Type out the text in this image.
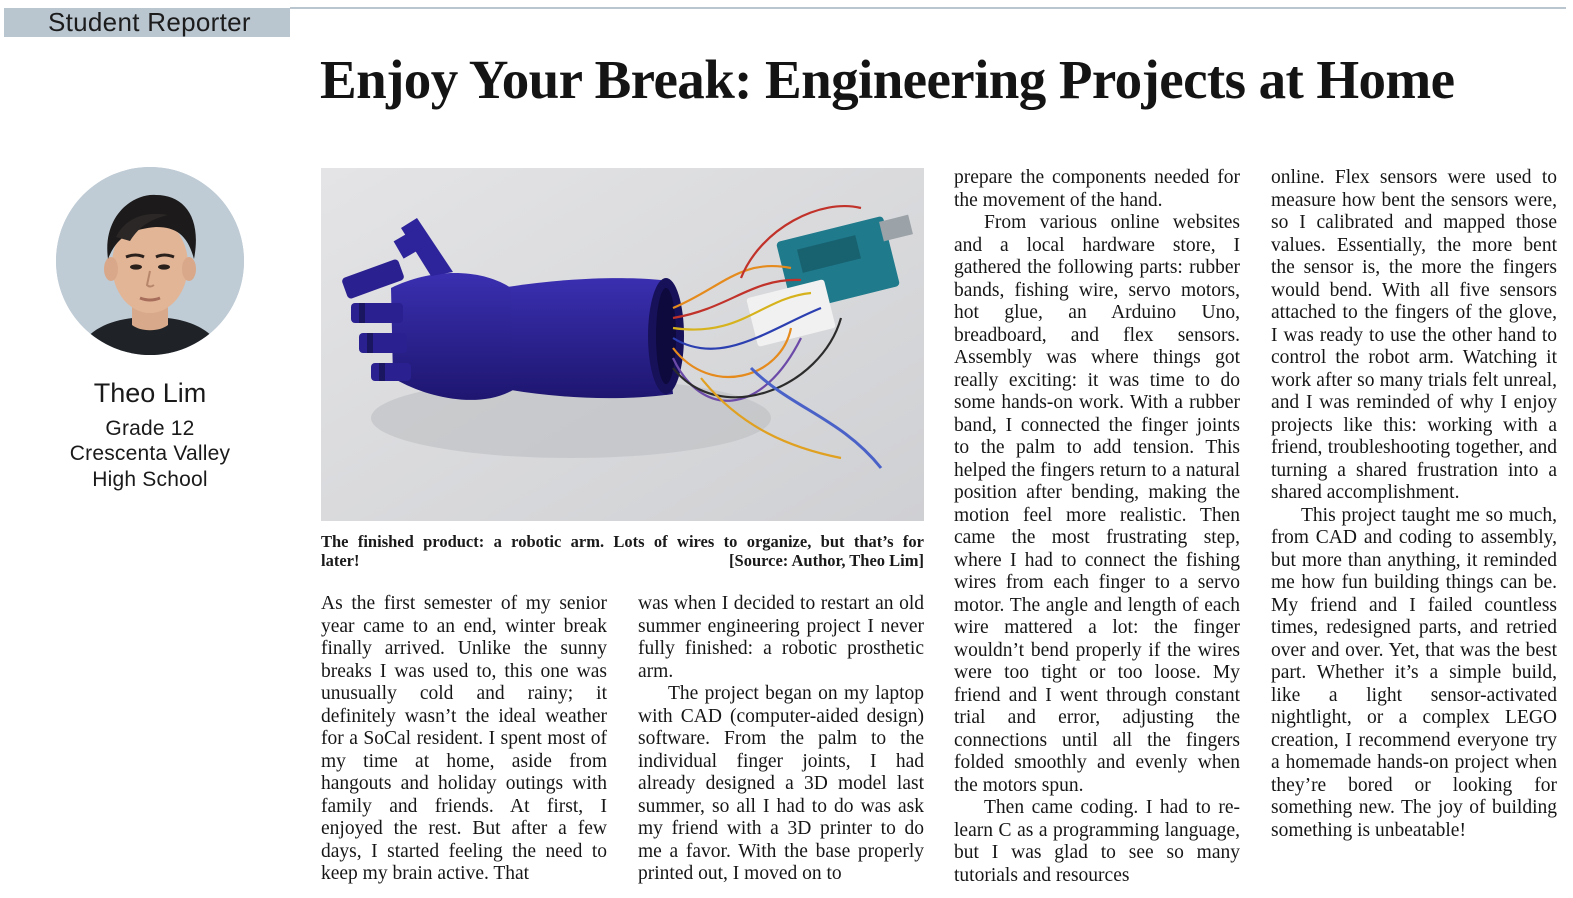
Student Reporter
Enjoy Your Break: Engineering Projects at Home
Theo Lim
Grade 12
Crescenta Valley
High School
The finished product: a robotic arm. Lots of wires to organize, but that’s for
later!	[Source: Author, Theo Lim]

As the first semester of my senior year came to an end, winter break finally arrived. Unlike the sunny breaks I was used to, this one was unusually cold and rainy; it definitely wasn’t the ideal weather for a SoCal resident. I spent most of my time at home, aside from hangouts and holiday outings with family and friends. At first, I enjoyed the rest. But after a few days, I started feeling the need to keep my brain active. That

was when I decided to restart an old summer engineering project I never fully finished: a robotic prosthetic arm.

The project began on my laptop with CAD (computer-aided design) software. From the palm to the individual finger joints, I had already designed a 3D model last summer, so all I had to do was ask my friend with a 3D printer to do me a favor. With the base properly printed out, I moved on to

prepare the components needed for the movement of the hand.

From various online websites and a local hardware store, I gathered the following parts: rubber bands, fishing wire, servo motors, hot glue, an Arduino Uno, breadboard, and flex sensors. Assembly was where things got really exciting: it was time to do some hands-on work. With a rubber band, I connected the finger joints to the palm to add tension. This helped the fingers return to a natural position after bending, making the motion feel more realistic. Then came the most frustrating step, where I had to connect the fishing wires from each finger to a servo motor. The angle and length of each wire mattered a lot: the finger wouldn’t bend properly if the wires were too tight or too loose. My friend and I went through constant trial and error, adjusting the connections until all the fingers folded smoothly and evenly when the motors spun.

Then came coding. I had to re-learn C as a programming language, but I was glad to see so many tutorials and resources

online. Flex sensors were used to measure how bent the sensors were, so I calibrated and mapped those values. Essentially, the more bent the sensor is, the more the fingers would bend. With all five sensors attached to the fingers of the glove, I was ready to use the other hand to control the robot arm. Watching it work after so many trials felt unreal, and I was reminded of why I enjoy projects like this: working with a friend, troubleshooting together, and turning a shared frustration into a shared accomplishment.

This project taught me so much, from CAD and coding to assembly, but more than anything, it reminded me how fun building things can be. My friend and I failed countless times, redesigned parts, and retried over and over. Yet, that was the best part. Whether it’s a simple build, like a light sensor-activated nightlight, or a complex LEGO creation, I recommend everyone try a homemade hands-on project when they’re bored or looking for something new. The joy of building something is unbeatable!
